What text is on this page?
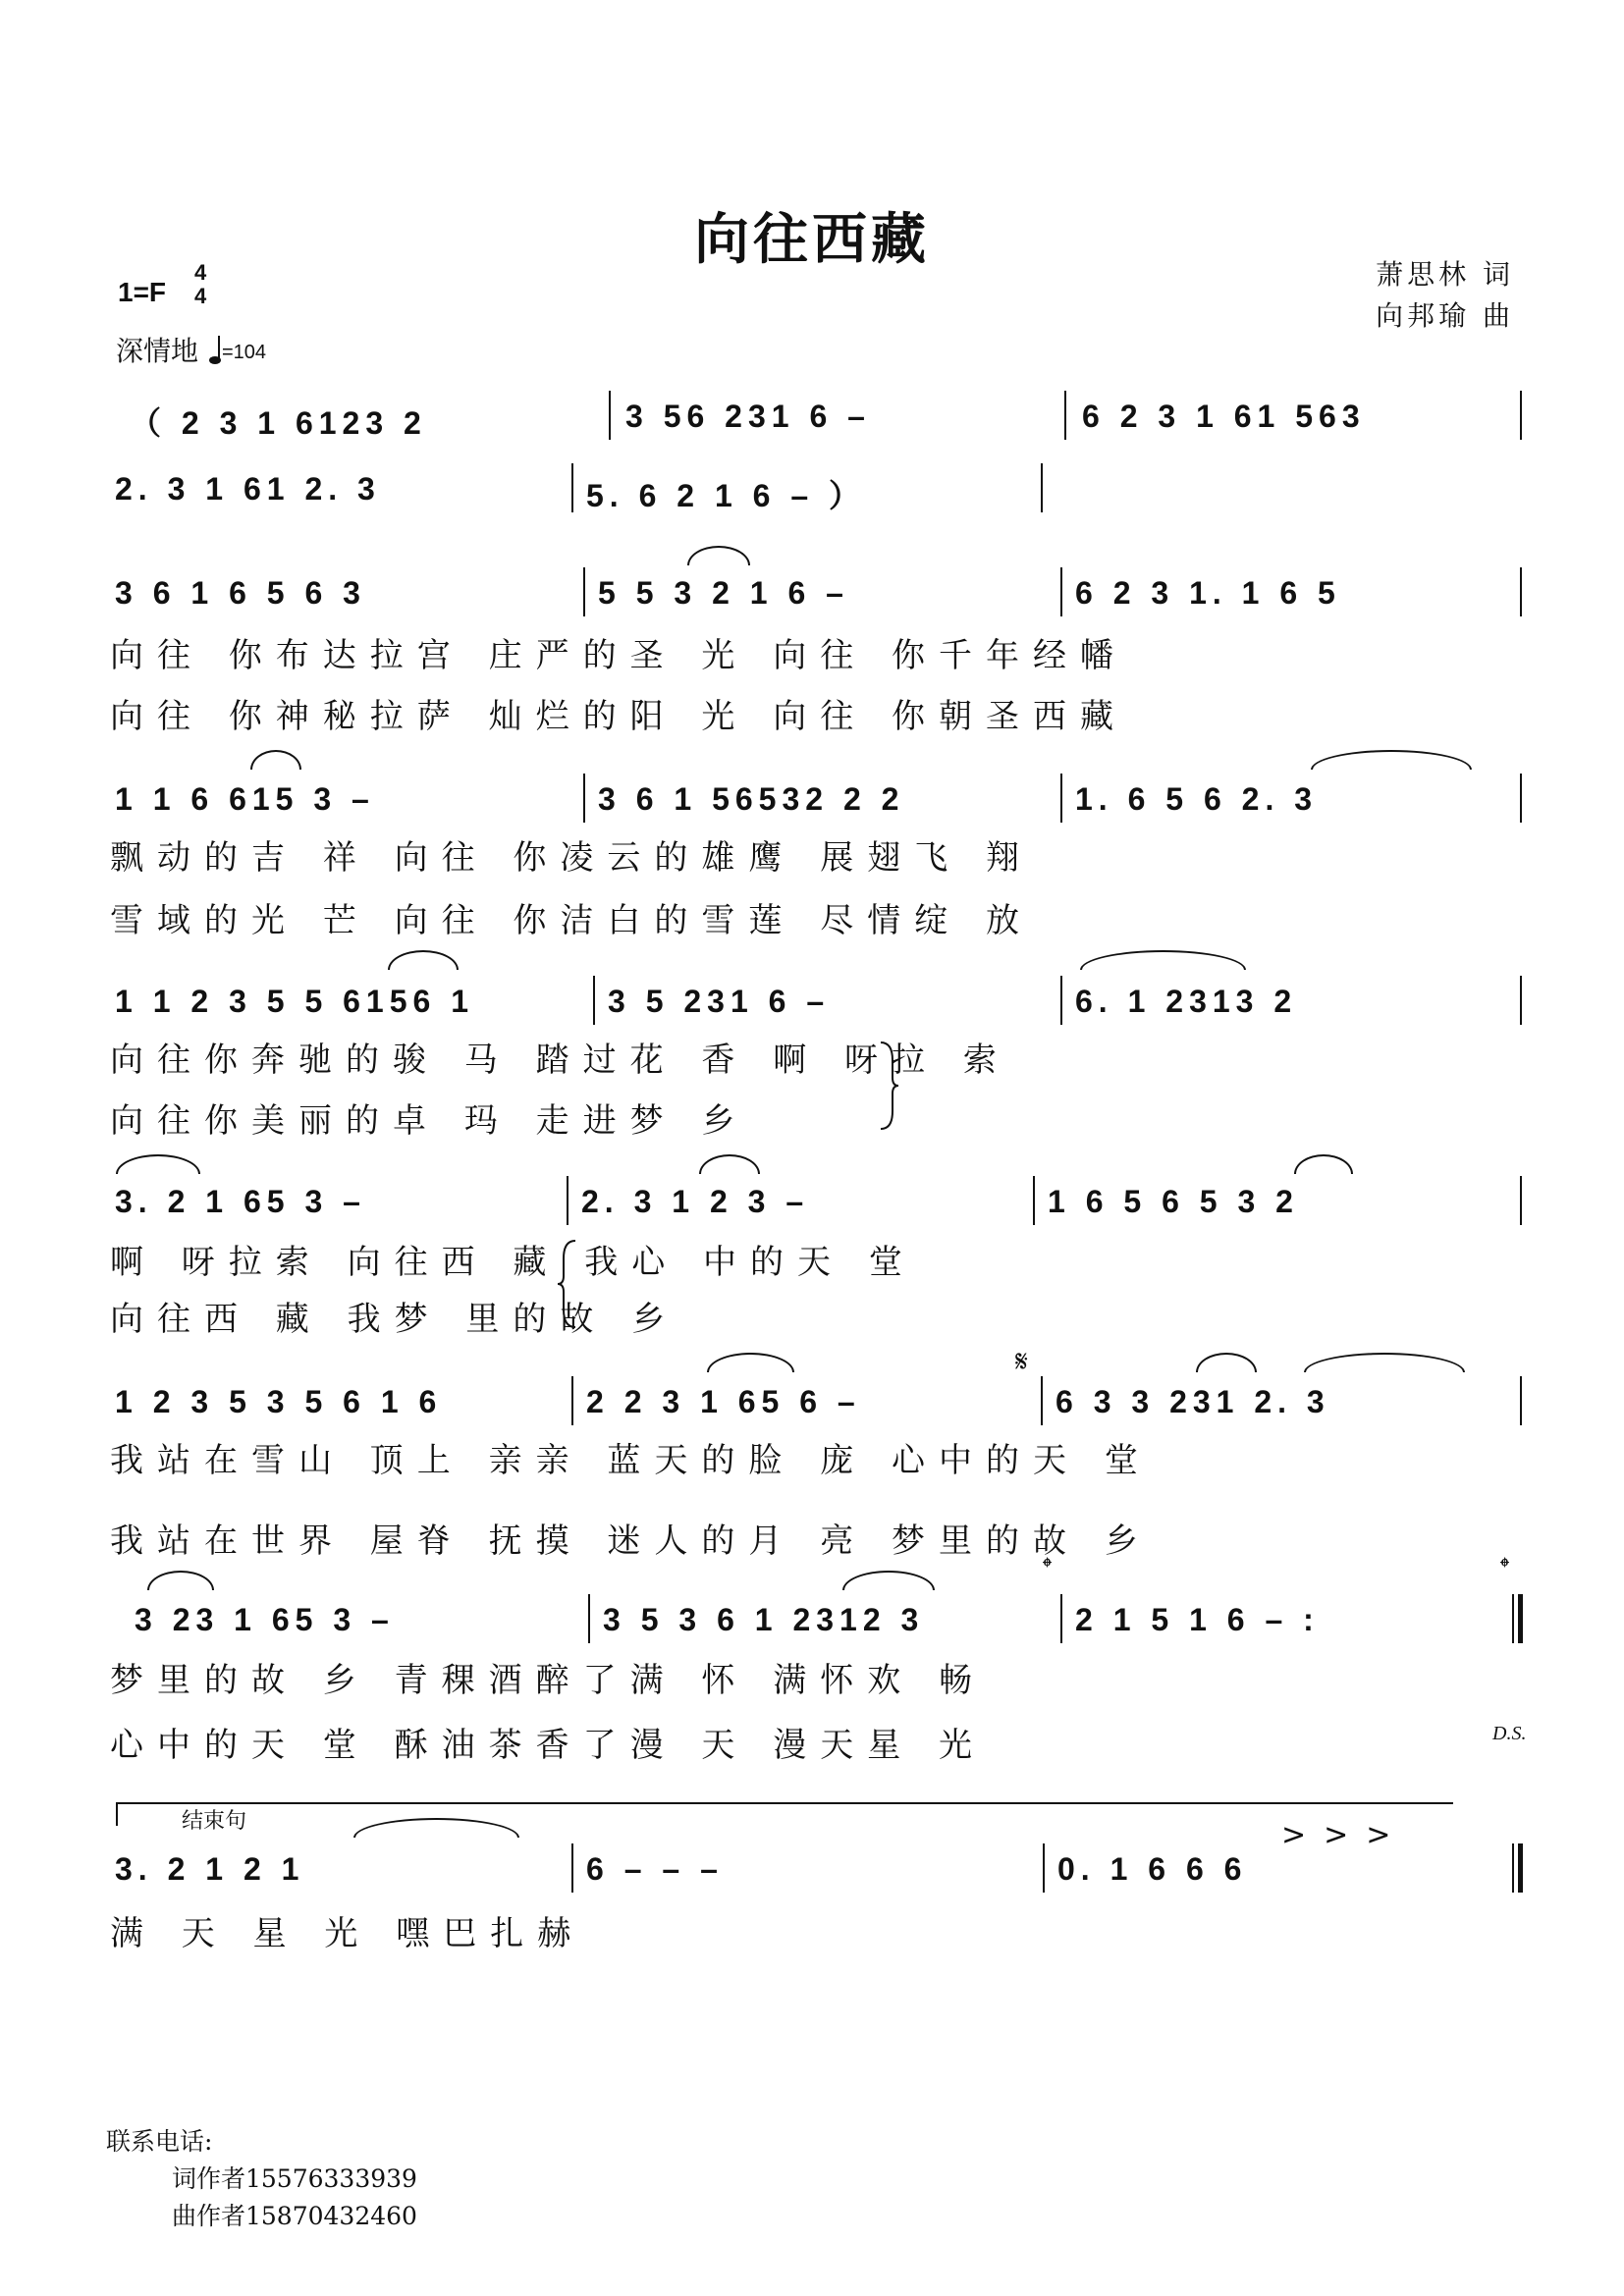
向往西藏
萧思林 词
向邦瑜 曲
1=F
4
4
深情地 =104
（ 2 3 1 6123 2	3 56 231 6 –	6 2 3 1 61 563
2. 3 1 61 2. 3	5. 6 2 1 6 – ）
3 6 1 6 5 6 3	5 5 3 2 1 6 –	6 2 3 1. 1 6 5
向往 你布达拉宫 庄严的圣 光 向往 你千年经幡
向往 你神秘拉萨 灿烂的阳 光 向往 你朝圣西藏
1 1 6 615 3 –	3 6 1 56532 2 2	1. 6 5 6 2. 3
飘动的吉 祥 向往 你凌云的雄鹰 展翅飞 翔
雪域的光 芒 向往 你洁白的雪莲 尽情绽 放
1 1 2 3 5 5 6156 1	3 5 231 6 –	6. 1 2313 2
向往你奔驰的骏 马 踏过花 香 啊 呀拉 索
向往你美丽的卓 玛 走进梦 乡
3. 2 1 65 3 –	2. 3 1 2 3 –	1 6 5 6 5 3 2
啊 呀拉索 向往西 藏 我心 中的天 堂
向往西 藏 我梦 里的故 乡
𝄋
1 2 3 5 3 5 6 1 6	2 2 3 1 65 6 –	6 3 3 231 2. 3
我站在雪山 顶上 亲亲 蓝天的脸 庞 心中的天 堂
我站在世界 屋脊 抚摸 迷人的月 亮 梦里的故 乡
𝄌	𝄌
3 23 1 65 3 –	3 5 3 6 1 2312 3	2 1 5 1 6 – :
梦里的故 乡 青稞酒醉了满 怀 满怀欢 畅
心中的天 堂 酥油茶香了漫 天 漫天星 光	D.S.
结束句	>>>
3. 2 1 2 1	6 – – –	0. 1 6 6 6
满 天 星 光 嘿巴扎赫
联系电话:
词作者15576333939
曲作者15870432460
